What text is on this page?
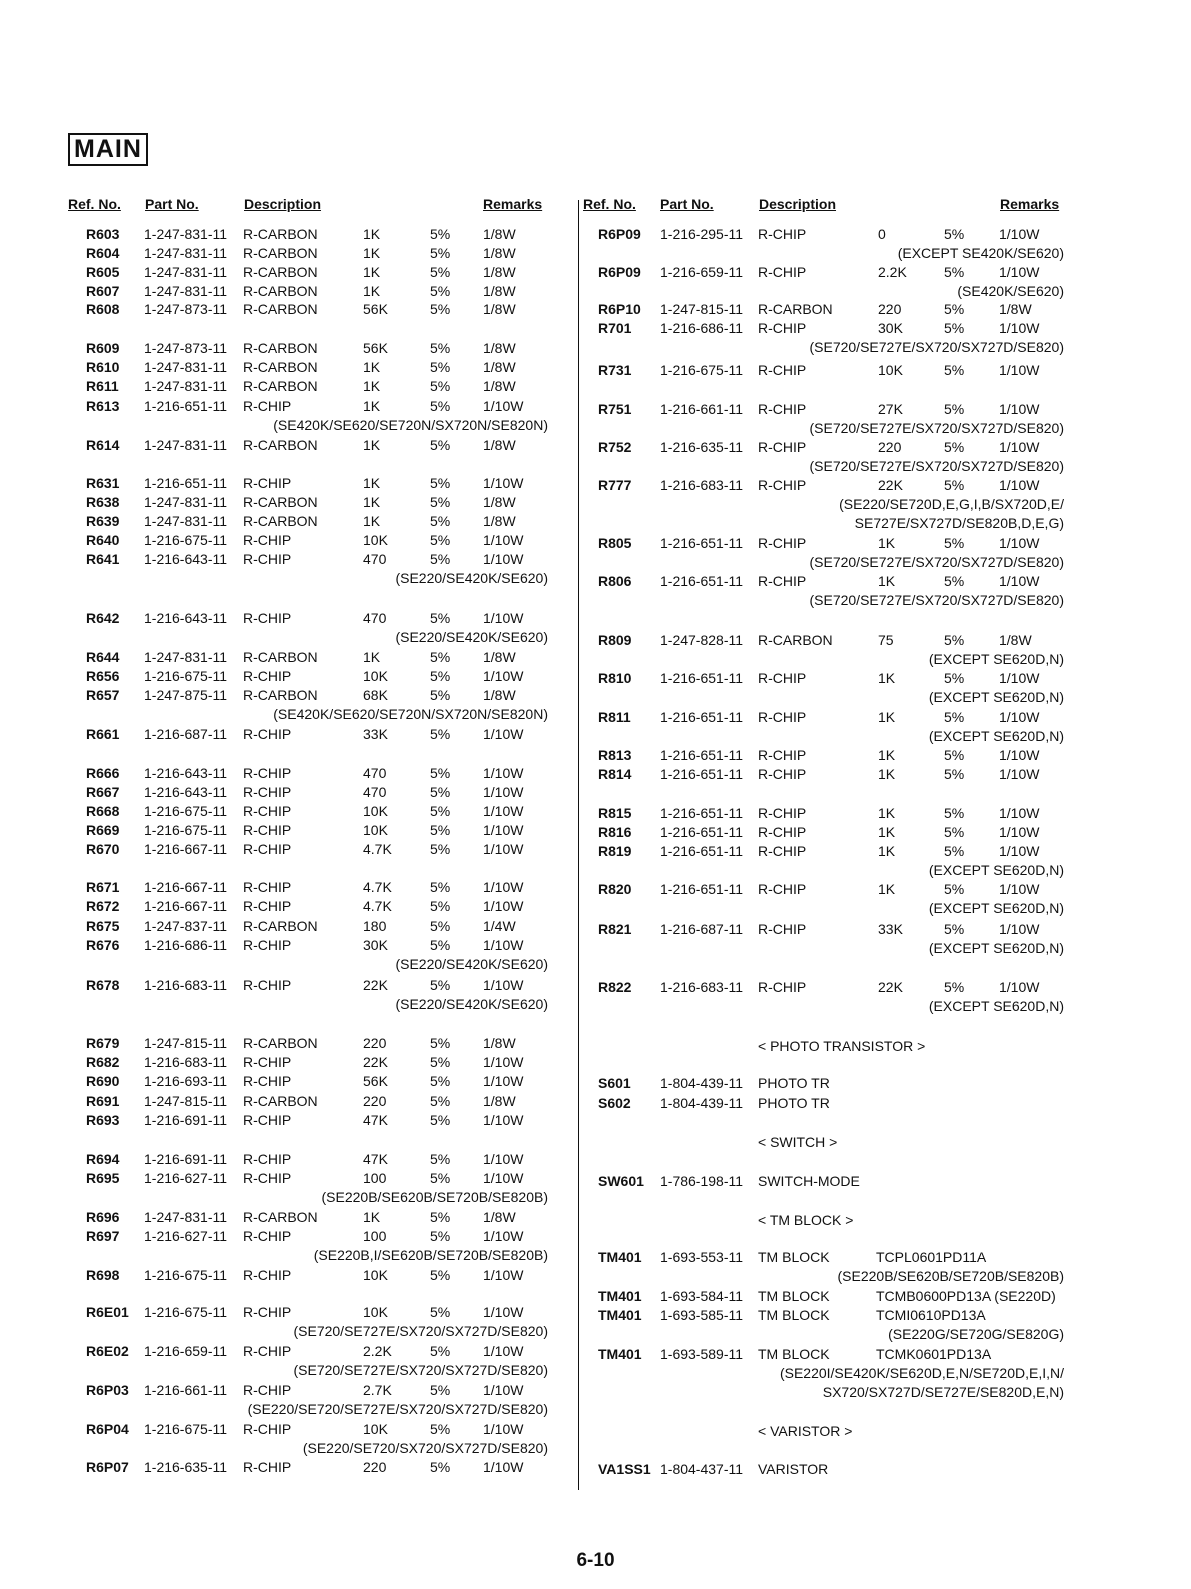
MAIN
Ref. No. Part No.	Description	Remarks	Ref. No. Part No.	Description	Remarks
R603 1-247-831-11 R-CARBON	1K	5% 1/8W
R604 1-247-831-11 R-CARBON	1K	5% 1/8W
R605 1-247-831-11 R-CARBON	1K	5% 1/8W
R607 1-247-831-11 R-CARBON	1K	5% 1/8W
R608 1-247-873-11 R-CARBON	56K	5% 1/8W
R609 1-247-873-11 R-CARBON	56K	5% 1/8W
R610 1-247-831-11 R-CARBON	1K	5% 1/8W
R611 1-247-831-11 R-CARBON	1K	5% 1/8W
R613 1-216-651-11 R-CHIP	1K	5% 1/10W
(SE420K/SE620/SE720N/SX720N/SE820N)
R614 1-247-831-11 R-CARBON	1K	5% 1/8W
R631 1-216-651-11 R-CHIP	1K	5% 1/10W
R638 1-247-831-11 R-CARBON	1K	5% 1/8W
R639 1-247-831-11 R-CARBON	1K	5% 1/8W
R640 1-216-675-11 R-CHIP	10K	5% 1/10W
R641 1-216-643-11 R-CHIP	470	5% 1/10W
(SE220/SE420K/SE620)
R642 1-216-643-11 R-CHIP	470	5% 1/10W
(SE220/SE420K/SE620)
R644 1-247-831-11 R-CARBON	1K	5% 1/8W
R656 1-216-675-11 R-CHIP	10K	5% 1/10W
R657 1-247-875-11 R-CARBON	68K	5% 1/8W
(SE420K/SE620/SE720N/SX720N/SE820N)
R661 1-216-687-11 R-CHIP	33K	5% 1/10W
R666 1-216-643-11 R-CHIP	470	5% 1/10W
R667 1-216-643-11 R-CHIP	470	5% 1/10W
R668 1-216-675-11 R-CHIP	10K	5% 1/10W
R669 1-216-675-11 R-CHIP	10K	5% 1/10W
R670 1-216-667-11 R-CHIP	4.7K	5% 1/10W
R671 1-216-667-11 R-CHIP	4.7K	5% 1/10W
R672 1-216-667-11 R-CHIP	4.7K	5% 1/10W
R675 1-247-837-11 R-CARBON	180	5% 1/4W
R676 1-216-686-11 R-CHIP	30K	5% 1/10W
(SE220/SE420K/SE620)
R678 1-216-683-11 R-CHIP	22K	5% 1/10W
(SE220/SE420K/SE620)
R679 1-247-815-11 R-CARBON	220	5% 1/8W
R682 1-216-683-11 R-CHIP	22K	5% 1/10W
R690 1-216-693-11 R-CHIP	56K	5% 1/10W
R691 1-247-815-11 R-CARBON	220	5% 1/8W
R693 1-216-691-11 R-CHIP	47K	5% 1/10W
R694 1-216-691-11 R-CHIP	47K	5% 1/10W
R695 1-216-627-11 R-CHIP	100	5% 1/10W
(SE220B/SE620B/SE720B/SE820B)
R696 1-247-831-11 R-CARBON	1K	5% 1/8W
R697 1-216-627-11 R-CHIP	100	5% 1/10W
(SE220B,I/SE620B/SE720B/SE820B)
R698 1-216-675-11 R-CHIP	10K	5% 1/10W
R6E01 1-216-675-11 R-CHIP	10K	5% 1/10W
(SE720/SE727E/SX720/SX727D/SE820)
R6E02 1-216-659-11 R-CHIP	2.2K	5% 1/10W
(SE720/SE727E/SX720/SX727D/SE820)
R6P03 1-216-661-11 R-CHIP	2.7K	5% 1/10W
(SE220/SE720/SE727E/SX720/SX727D/SE820)
R6P04 1-216-675-11 R-CHIP	10K	5% 1/10W
(SE220/SE720/SX720/SX727D/SE820)
R6P07 1-216-635-11 R-CHIP	220	5% 1/10W
R6P09 1-216-295-11 R-CHIP	0	5% 1/10W
(EXCEPT SE420K/SE620)
R6P09 1-216-659-11 R-CHIP	2.2K	5% 1/10W
(SE420K/SE620)
R6P10 1-247-815-11 R-CARBON	220	5% 1/8W
R701 1-216-686-11 R-CHIP	30K	5% 1/10W
(SE720/SE727E/SX720/SX727D/SE820)
R731 1-216-675-11 R-CHIP	10K	5% 1/10W
R751 1-216-661-11 R-CHIP	27K	5% 1/10W
(SE720/SE727E/SX720/SX727D/SE820)
R752 1-216-635-11 R-CHIP	220	5% 1/10W
(SE720/SE727E/SX720/SX727D/SE820)
R777 1-216-683-11 R-CHIP	22K	5% 1/10W
(SE220/SE720D,E,G,I,B/SX720D,E/
SE727E/SX727D/SE820B,D,E,G)
R805 1-216-651-11 R-CHIP	1K	5% 1/10W
(SE720/SE727E/SX720/SX727D/SE820)
R806 1-216-651-11 R-CHIP	1K	5% 1/10W
(SE720/SE727E/SX720/SX727D/SE820)
R809 1-247-828-11 R-CARBON	75	5% 1/8W
(EXCEPT SE620D,N)
R810 1-216-651-11 R-CHIP	1K	5% 1/10W
(EXCEPT SE620D,N)
R811 1-216-651-11 R-CHIP	1K	5% 1/10W
(EXCEPT SE620D,N)
R813 1-216-651-11 R-CHIP	1K	5% 1/10W
R814 1-216-651-11 R-CHIP	1K	5% 1/10W
R815 1-216-651-11 R-CHIP	1K	5% 1/10W
R816 1-216-651-11 R-CHIP	1K	5% 1/10W
R819 1-216-651-11 R-CHIP	1K	5% 1/10W
(EXCEPT SE620D,N)
R820 1-216-651-11 R-CHIP	1K	5% 1/10W
(EXCEPT SE620D,N)
R821 1-216-687-11 R-CHIP	33K	5% 1/10W
(EXCEPT SE620D,N)
R822 1-216-683-11 R-CHIP	22K	5% 1/10W
(EXCEPT SE620D,N)
< PHOTO TRANSISTOR >
< SWITCH >
< TM BLOCK >
< VARISTOR >
S601 1-804-439-11 PHOTO TR
S602 1-804-439-11 PHOTO TR
SW601 1-786-198-11 SWITCH-MODE
TM401 1-693-553-11 TM BLOCK	TCPL0601PD11A
(SE220B/SE620B/SE720B/SE820B)
TM401 1-693-584-11 TM BLOCK	TCMB0600PD13A (SE220D)
TM401 1-693-585-11 TM BLOCK	TCMI0610PD13A
(SE220G/SE720G/SE820G)
TM401 1-693-589-11 TM BLOCK	TCMK0601PD13A
(SE220I/SE420K/SE620D,E,N/SE720D,E,I,N/
SX720/SX727D/SE727E/SE820D,E,N)
VA1SS1 1-804-437-11 VARISTOR
6-10
